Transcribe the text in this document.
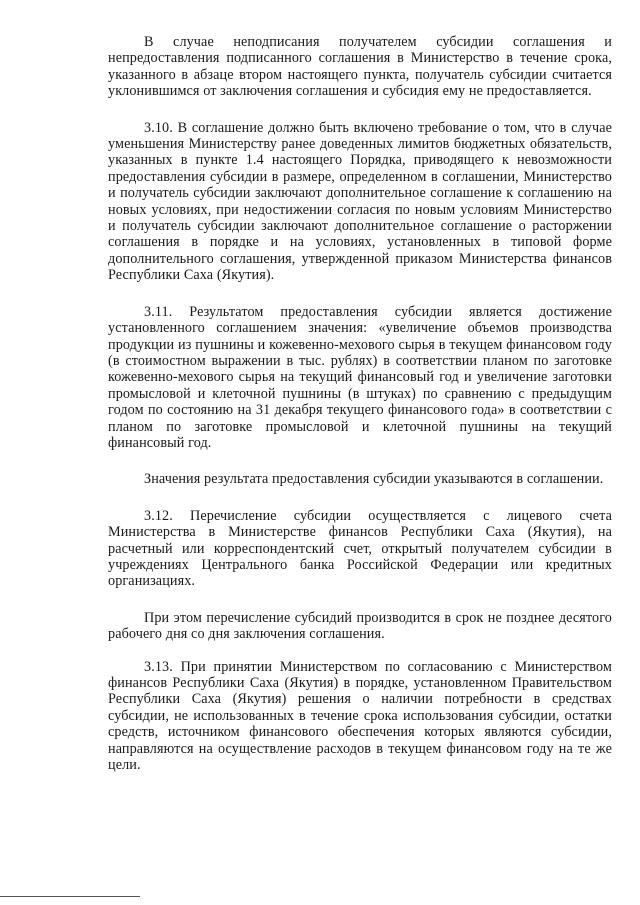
В случае неподписания получателем субсидии соглашения и непредоставления подписанного соглашения в Министерство в течение срока, указанного в абзаце втором настоящего пункта, получатель субсидии считается уклонившимся от заключения соглашения и субсидия ему не предоставляется.

3.10. В соглашение должно быть включено требование о том, что в случае уменьшения Министерству ранее доведенных лимитов бюджетных обязательств, указанных в пункте 1.4 настоящего Порядка, приводящего к невозможности предоставления субсидии в размере, определенном в соглашении, Министерство и получатель субсидии заключают дополнительное соглашение к соглашению на новых условиях, при недостижении согласия по новым условиям Министерство и получатель субсидии заключают дополнительное соглашение о расторжении соглашения в порядке и на условиях, установленных в типовой форме дополнительного соглашения, утвержденной приказом Министерства финансов Республики Саха (Якутия).

3.11. Результатом предоставления субсидии является достижение установленного соглашением значения: «увеличение объемов производства продукции из пушнины и кожевенно-мехового сырья в текущем финансовом году (в стоимостном выражении в тыс. рублях) в соответствии планом по заготовке кожевенно-мехового сырья на текущий финансовый год и увеличение заготовки промысловой и клеточной пушнины (в штуках) по сравнению с предыдущим годом по состоянию на 31 декабря текущего финансового года» в соответствии с планом по заготовке промысловой и клеточной пушнины на текущий финансовый год.

Значения результата предоставления субсидии указываются в соглашении.

3.12. Перечисление субсидии осуществляется с лицевого счета Министерства в Министерстве финансов Республики Саха (Якутия), на расчетный или корреспондентский счет, открытый получателем субсидии в учреждениях Центрального банка Российской Федерации или кредитных организациях.

При этом перечисление субсидий производится в срок не позднее десятого рабочего дня со дня заключения соглашения.

3.13. При принятии Министерством по согласованию с Министерством финансов Республики Саха (Якутия) в порядке, установленном Правительством Республики Саха (Якутия) решения о наличии потребности в средствах субсидии, не использованных в течение срока использования субсидии, остатки средств, источником финансового обеспечения которых являются субсидии, направляются на осуществление расходов в текущем финансовом году на те же цели.
